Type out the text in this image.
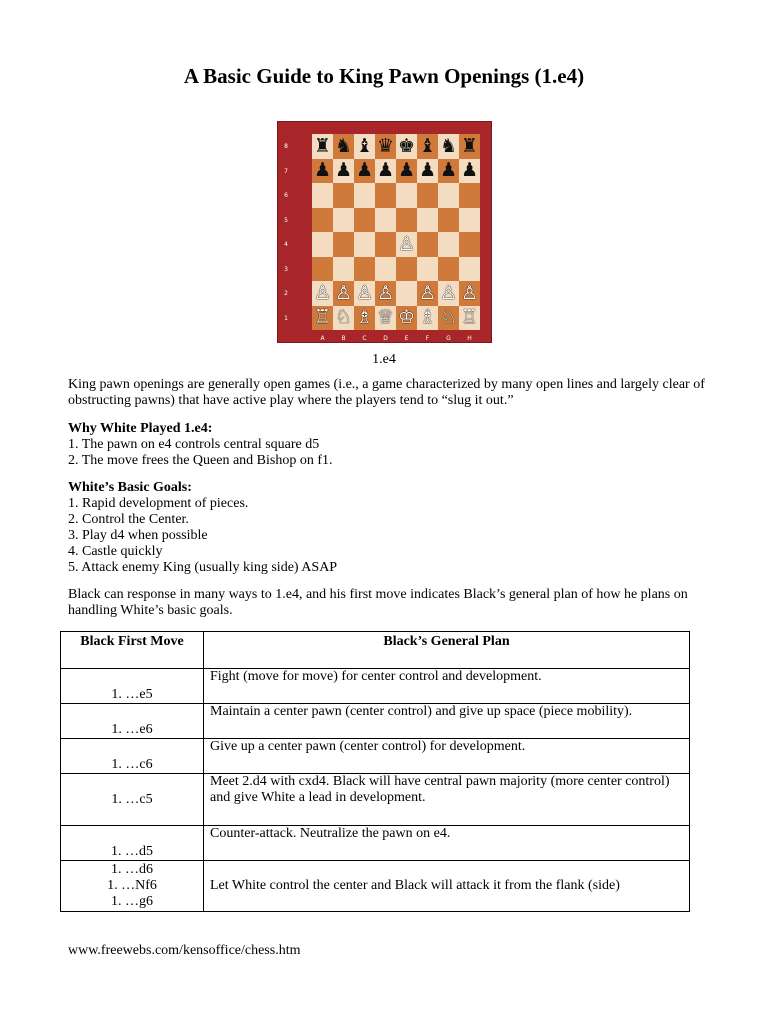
A Basic Guide to King Pawn Openings (1.e4)
♜ ♞ ♝ ♛ ♚ ♝ ♞ ♜
♟ ♟ ♟ ♟ ♟ ♟ ♟ ♟
♙
♙ ♙ ♙ ♙ ♙ ♙ ♙
♖ ♘ ♗ ♕ ♔ ♗ ♘ ♖
8
7
6
5
4
3
2
1
A	B	C	D	E	F	G	H
1.e4
King pawn openings are generally open games (i.e., a game characterized by many open lines and largely clear of obstructing pawns) that have active play where the players tend to “slug it out.”
Why White Played 1.e4:
1. The pawn on e4 controls central square d5
2. The move frees the Queen and Bishop on f1.
White’s Basic Goals:
1. Rapid development of pieces.
2. Control the Center.
3. Play d4 when possible
4. Castle quickly
5. Attack enemy King (usually king side) ASAP
Black can response in many ways to 1.e4, and his first move indicates Black’s general plan of how he plans on handling White’s basic goals.
Black First Move	Black’s General Plan
1. …e5	Fight (move for move) for center control and development.
1. …e6	Maintain a center pawn (center control) and give up space (piece mobility).
1. …c6	Give up a center pawn (center control) for development.
1. …c5	Meet 2.d4 with cxd4. Black will have central pawn majority (more center control) and give White a lead in development.
1. …d5	Counter-attack. Neutralize the pawn on e4.

1. …d6
1. …Nf6
1. …g6	Let White control the center and Black will attack it from the flank (side)
www.freewebs.com/kensoffice/chess.htm
